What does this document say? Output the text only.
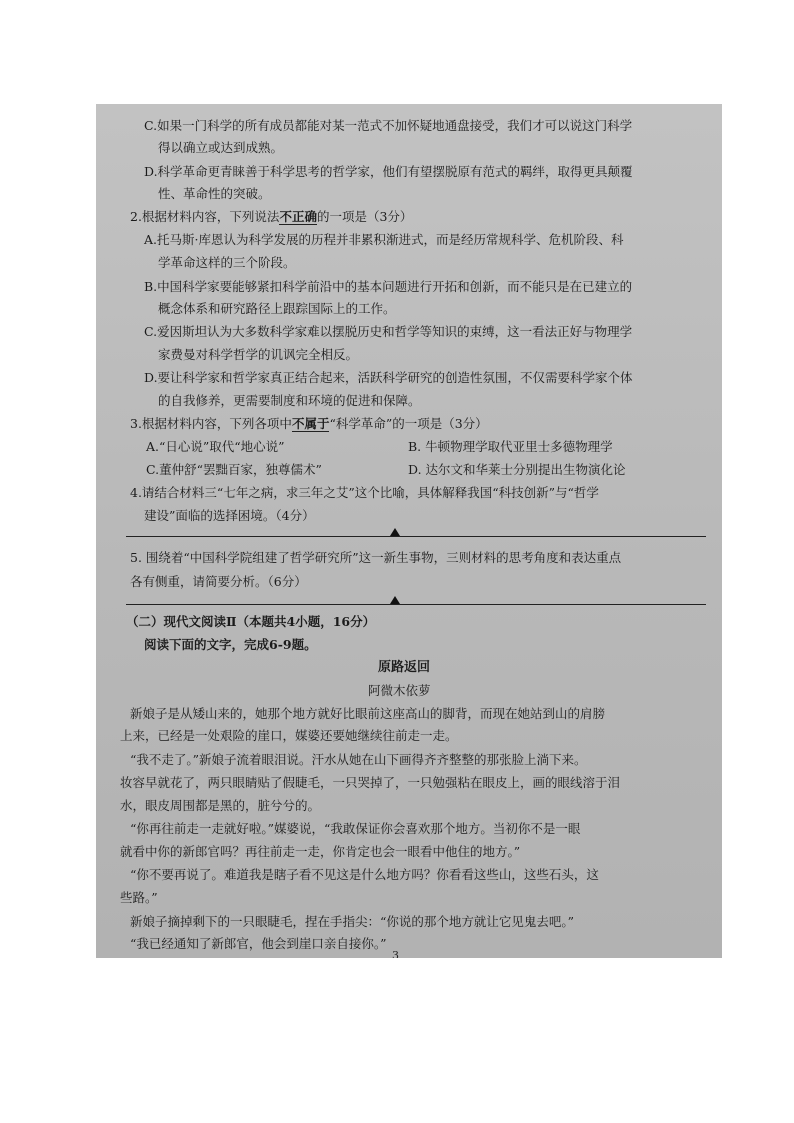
C.如果一门科学的所有成员都能对某一范式不加怀疑地通盘接受，我们才可以说这门科学
得以确立或达到成熟。
D.科学革命更青睐善于科学思考的哲学家，他们有望摆脱原有范式的羁绊，取得更具颠覆
性、革命性的突破。
2.根据材料内容，下列说法不正确的一项是（3分）
A.托马斯·库恩认为科学发展的历程并非累积渐进式，而是经历常规科学、危机阶段、科
学革命这样的三个阶段。
B.中国科学家要能够紧扣科学前沿中的基本问题进行开拓和创新，而不能只是在已建立的
概念体系和研究路径上跟踪国际上的工作。
C.爱因斯坦认为大多数科学家难以摆脱历史和哲学等知识的束缚，这一看法正好与物理学
家费曼对科学哲学的讥讽完全相反。
D.要让科学家和哲学家真正结合起来，活跃科学研究的创造性氛围，不仅需要科学家个体
的自我修养，更需要制度和环境的促进和保障。
3.根据材料内容，下列各项中不属于“科学革命”的一项是（3分）
A.“日心说”取代“地心说”	B. 牛顿物理学取代亚里士多德物理学
C.董仲舒“罢黜百家，独尊儒术”	D. 达尔文和华莱士分别提出生物演化论
4.请结合材料三“七年之病，求三年之艾”这个比喻，具体解释我国“科技创新”与“哲学
建设”面临的选择困境。（4分）
5. 围绕着“中国科学院组建了哲学研究所”这一新生事物，三则材料的思考角度和表达重点
各有侧重，请简要分析。（6分）
（二）现代文阅读Ⅱ（本题共4小题，16分）
阅读下面的文字，完成6-9题。
原路返回
阿微木依萝
新娘子是从矮山来的，她那个地方就好比眼前这座高山的脚背，而现在她站到山的肩膀
上来，已经是一处艰险的崖口，媒婆还要她继续往前走一走。
“我不走了。”新娘子流着眼泪说。汗水从她在山下画得齐齐整整的那张脸上淌下来。
妆容早就花了，两只眼睛贴了假睫毛，一只哭掉了，一只勉强粘在眼皮上，画的眼线溶于泪
水，眼皮周围都是黑的，脏兮兮的。
“你再往前走一走就好啦。”媒婆说，“我敢保证你会喜欢那个地方。当初你不是一眼
就看中你的新郎官吗？再往前走一走，你肯定也会一眼看中他住的地方。”
“你不要再说了。难道我是瞎子看不见这是什么地方吗？你看看这些山，这些石头，这
些路。”
新娘子摘掉剩下的一只眼睫毛，捏在手指尖：“你说的那个地方就让它见鬼去吧。”
“我已经通知了新郎官，他会到崖口亲自接你。”
3
